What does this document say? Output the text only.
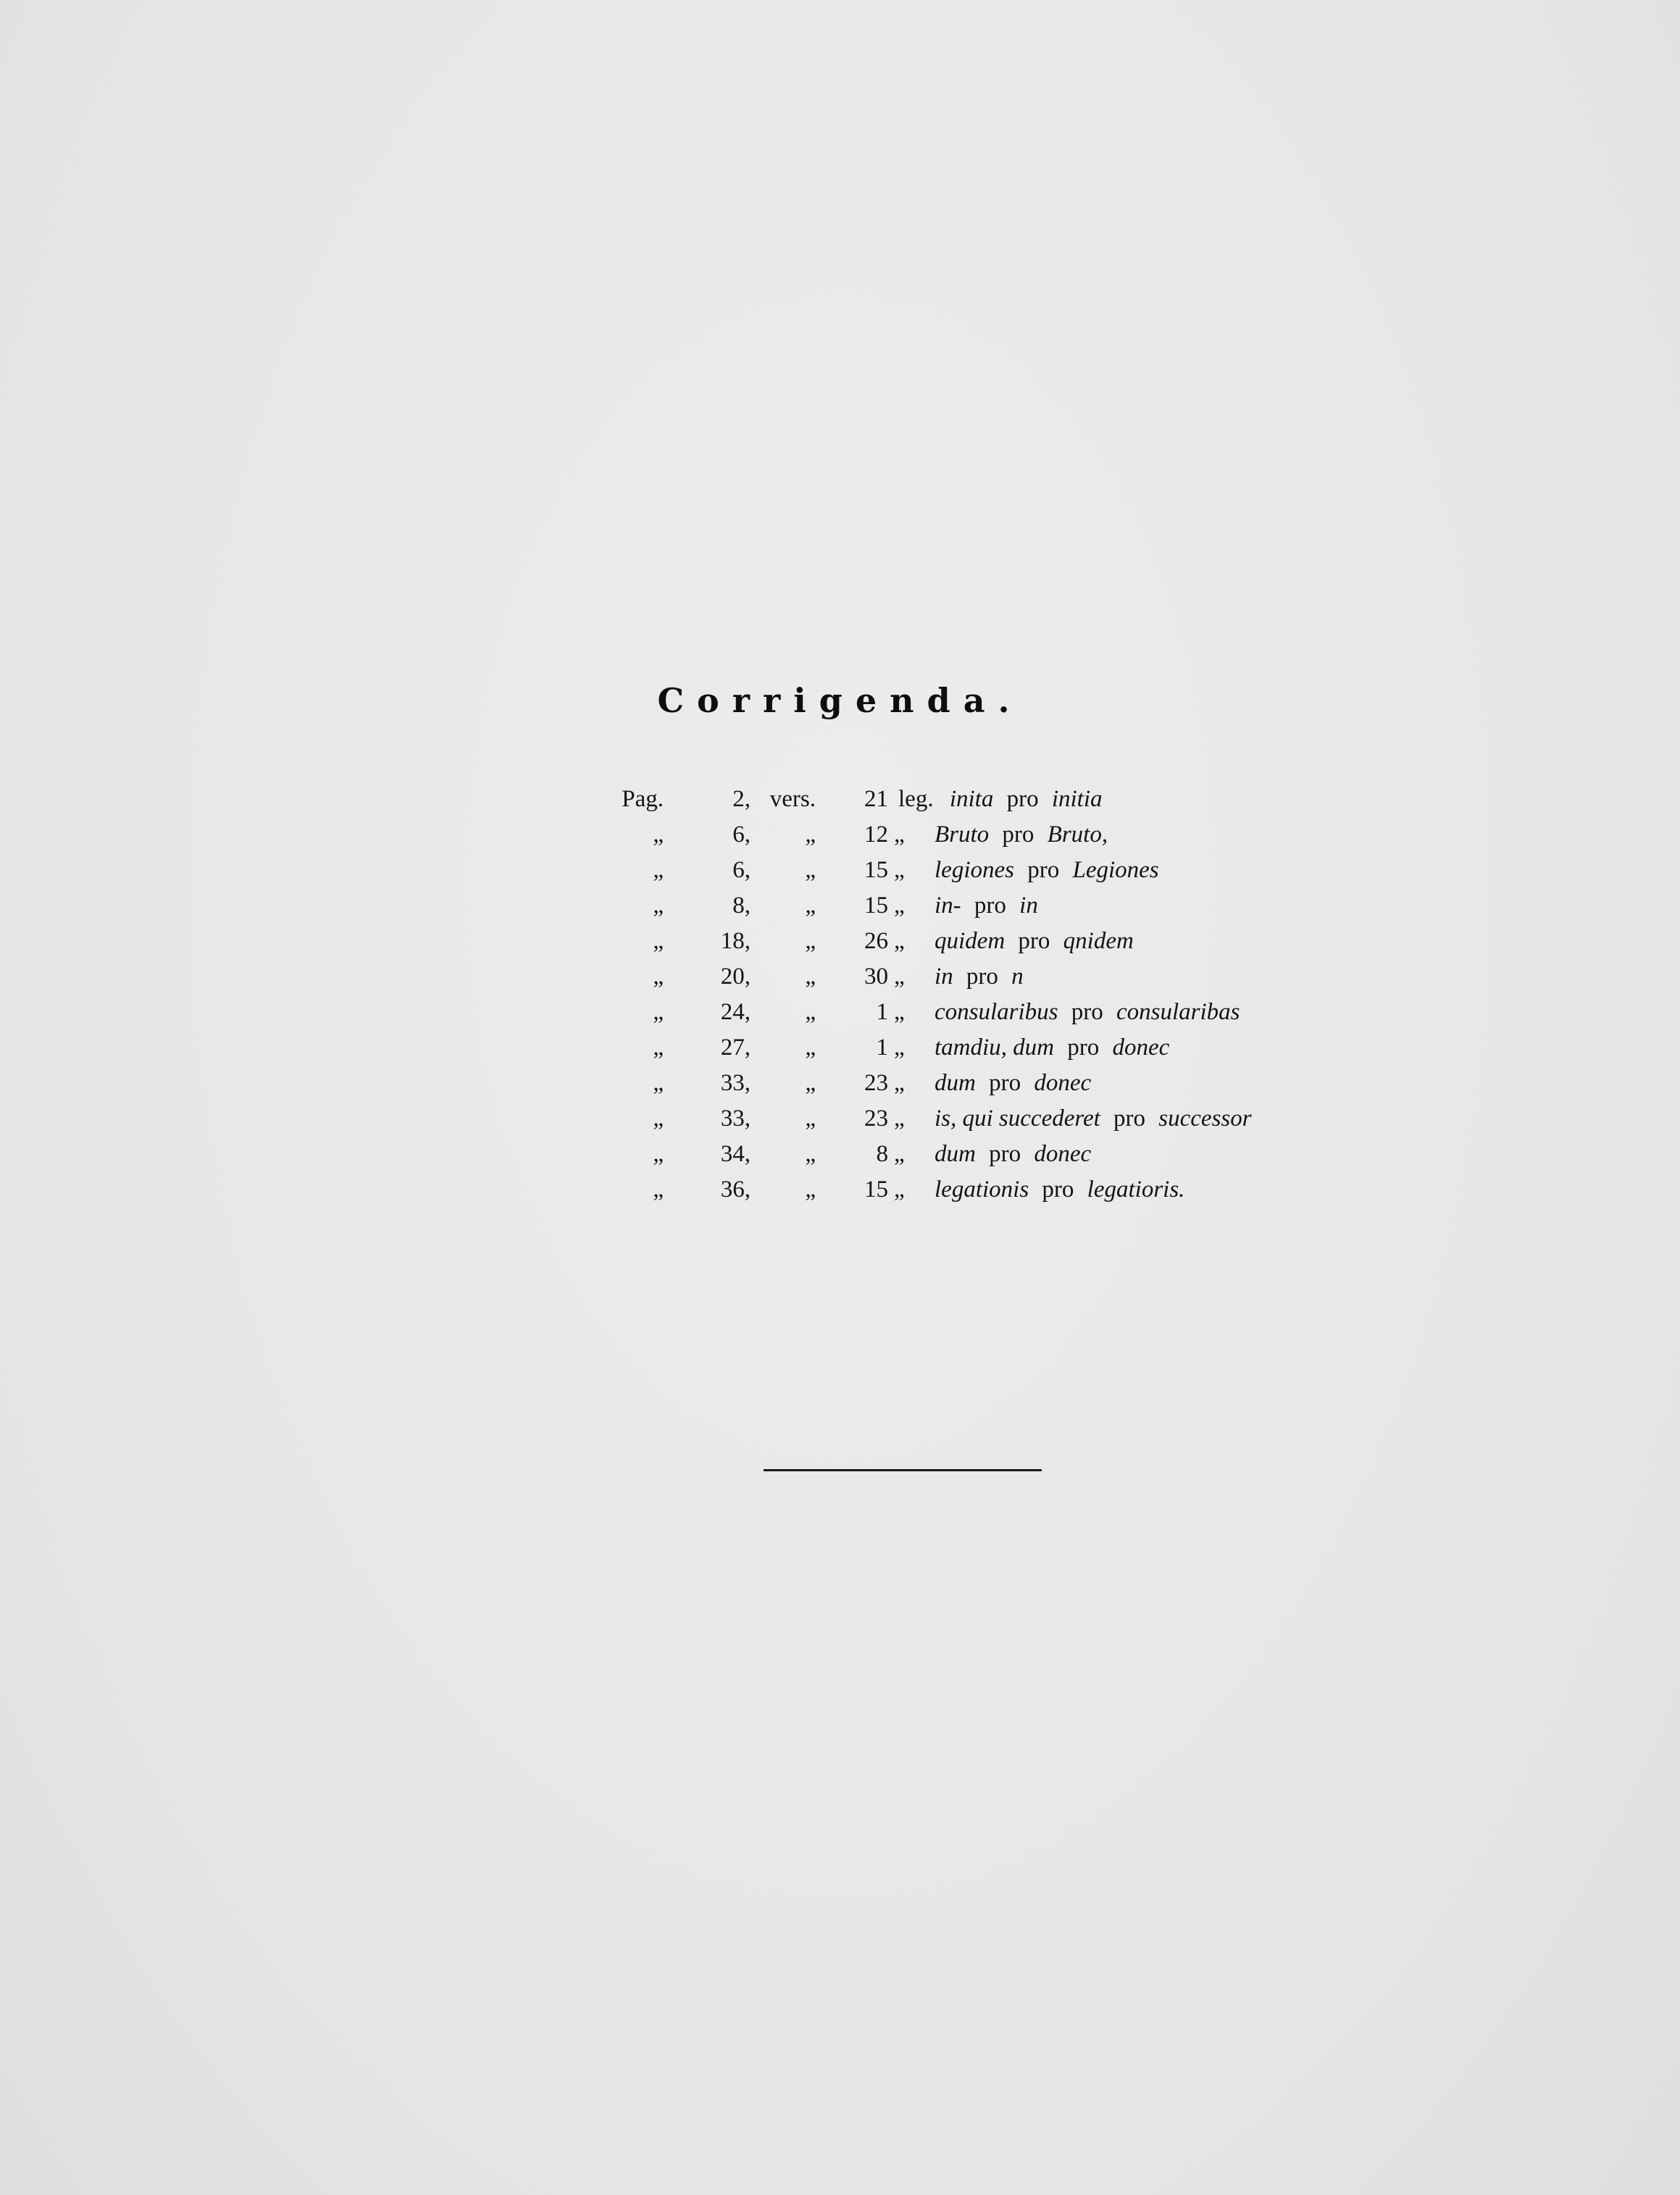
Corrigenda.
Pag.	2, vers.	21 leg. inita pro initia
„	6,	„	12 „	Bruto pro Bruto,
„	6,	„	15 „	legiones pro Legiones
„	8,	„	15 „	in- pro in
„	18,	„	26 „	quidem pro qnidem
„	20,	„	30 „	in pro n
„	24,	„	1 „	consularibus pro consularibas
„	27,	„	1 „	tamdiu, dum pro donec
„	33,	„	23 „	dum pro donec
„	33,	„	23 „	is, qui succederet pro successor
„	34,	„	8 „	dum pro donec
„	36,	„	15 „	legationis pro legatioris.
